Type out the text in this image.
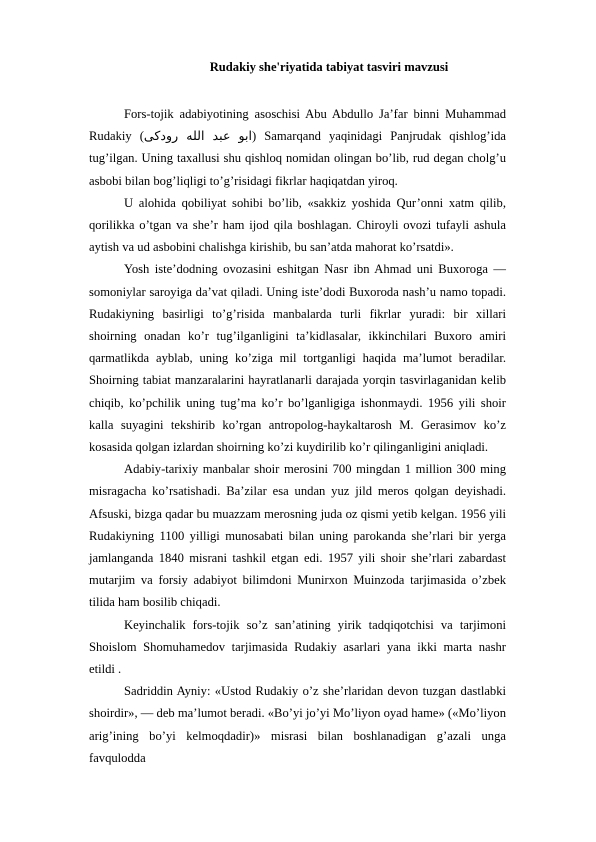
Rudakiy she'riyatida tabiyat tasviri mavzusi

Fors-tojik adabiyotining asoschisi Abu Abdullo Ja’far binni Muhammad Rudakiy (ابو عبد الله رودکی) Samarqand yaqinidagi Panjrudak qishlog’ida tug’ilgan. Uning taxallusi shu qishloq nomidan olingan bo’lib, rud degan cholg’u asbobi bilan bog’liqligi to’g’risidagi fikrlar haqiqatdan yiroq.

U alohida qobiliyat sohibi bo’lib, «sakkiz yoshida Qur’onni xatm qilib, qorilikka o’tgan va she’r ham ijod qila boshlagan. Chiroyli ovozi tufayli ashula aytish va ud asbobini chalishga kirishib, bu san’atda mahorat ko’rsatdi».

Yosh iste’dodning ovozasini eshitgan Nasr ibn Ahmad uni Buxoroga — somoniylar saroyiga da’vat qiladi. Uning iste’dodi Buxoroda nash’u namo topadi. Rudakiyning basirligi to’g’risida manbalarda turli fikrlar yuradi: bir xillari shoirning onadan ko’r tug’ilganligini ta’kidlasalar, ikkinchilari Buxoro amiri qarmatlikda ayblab, uning ko’ziga mil tortganligi haqida ma’lumot beradilar. Shoirning tabiat manzaralarini hayratlanarli darajada yorqin tasvirlaganidan kelib chiqib, ko’pchilik uning tug’ma ko’r bo’lganligiga ishonmaydi. 1956 yili shoir kalla suyagini tekshirib ko’rgan antropolog-haykaltarosh M. Gerasimov ko’z kosasida qolgan izlardan shoirning ko’zi kuydirilib ko’r qilinganligini aniqladi.

Adabiy-tarixiy manbalar shoir merosini 700 mingdan 1 million 300 ming misragacha ko’rsatishadi. Ba’zilar esa undan yuz jild meros qolgan deyishadi. Afsuski, bizga qadar bu muazzam merosning juda oz qismi yetib kelgan. 1956 yili Rudakiyning 1100 yilligi munosabati bilan uning parokanda she’rlari bir yerga jamlanganda 1840 misrani tashkil etgan edi. 1957 yili shoir she’rlari zabardast mutarjim va forsiy adabiyot bilimdoni Munirxon Muinzoda tarjimasida o’zbek tilida ham bosilib chiqadi.

Keyinchalik fors-tojik so’z san’atining yirik tadqiqotchisi va tarjimoni Shoislom Shomuhamedov tarjimasida Rudakiy asarlari yana ikki marta nashr etildi .

Sadriddin Ayniy: «Ustod Rudakiy o’z she’rlaridan devon tuzgan dastlabki shoirdir», — deb ma’lumot beradi. «Bo’yi jo’yi Mo’liyon oyad hame» («Mo’liyon arig’ining bo’yi kelmoqdadir)» misrasi bilan boshlanadigan g’azali unga favqulodda
